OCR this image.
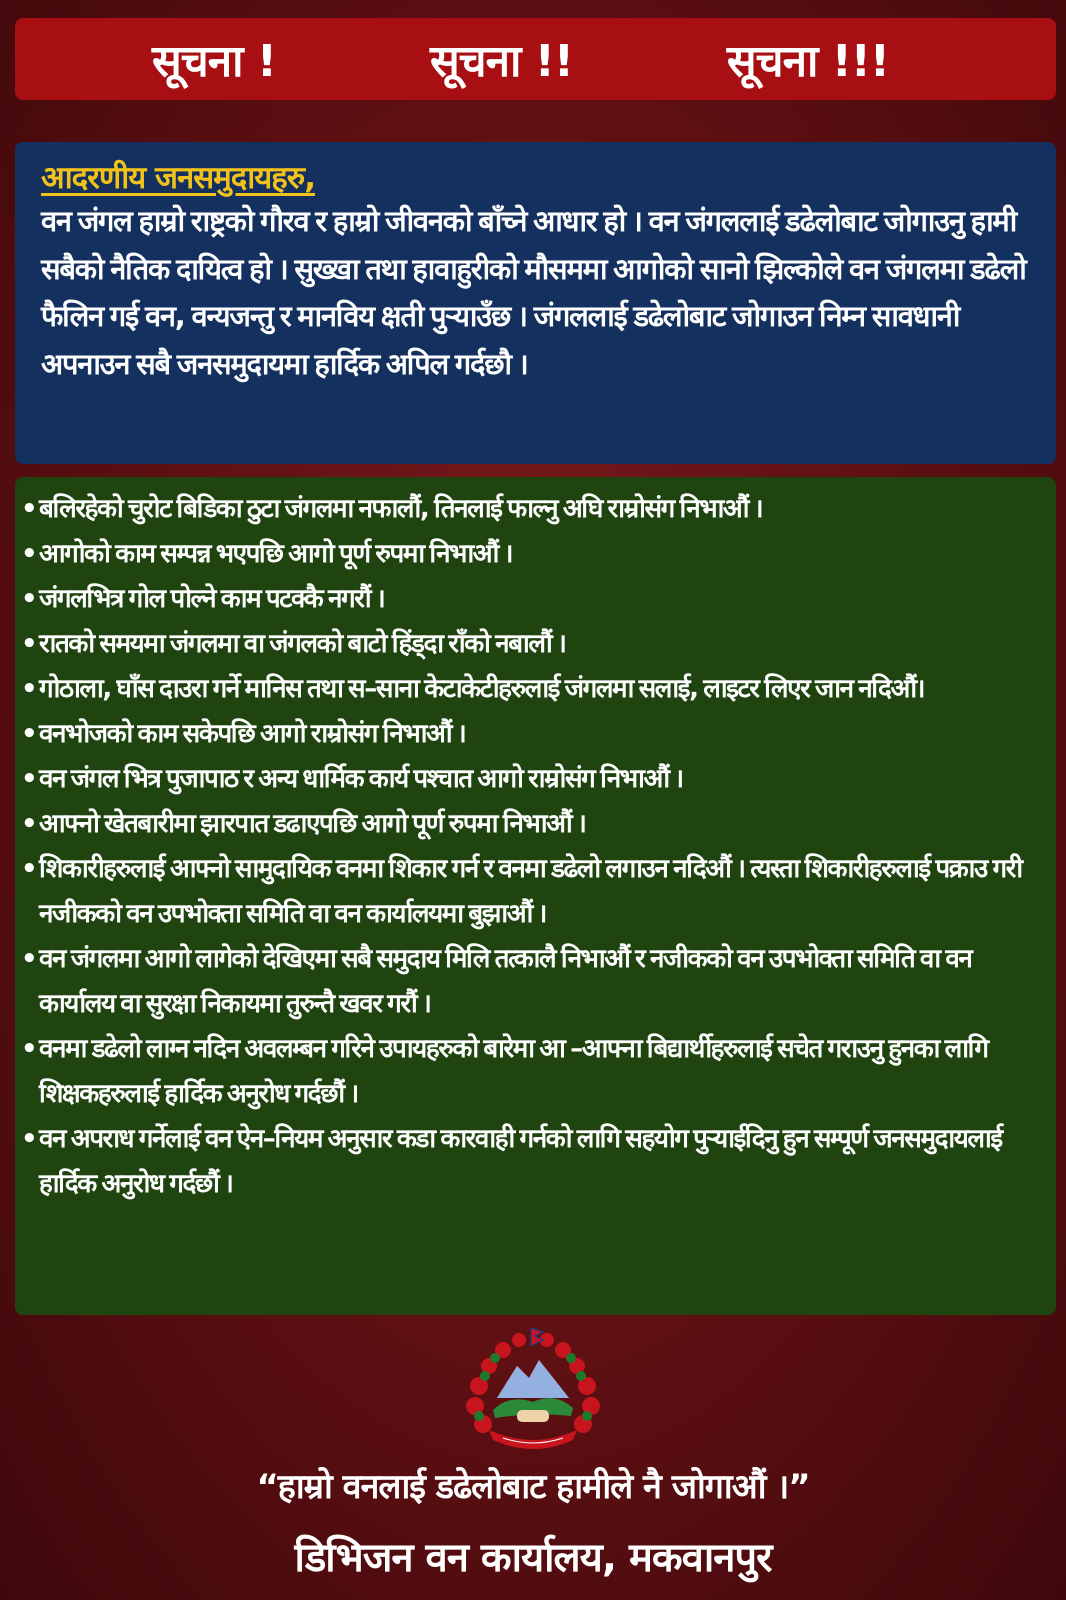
सूचना !	सूचना !!	सूचना !!!
आदरणीय जनसमुदायहरु,
वन जंगल हाम्रो राष्ट्रको गौरव र हाम्रो जीवनको बाँच्ने आधार हो । वन जंगललाई डढेलोबाट जोगाउनु हामी सबैको नैतिक दायित्व हो । सुख्खा तथा हावाहुरीको मौसममा आगोको सानो झिल्कोले वन जंगलमा डढेलो फैलिन गई वन, वन्यजन्तु र मानविय क्षती पुर्‍याउँछ । जंगललाई डढेलोबाट जोगाउन निम्न सावधानी अपनाउन सबै जनसमुदायमा हार्दिक अपिल गर्दछौ ।
• बलिरहेको चुरोट बिडिका ठुटा जंगलमा नफालौं, तिनलाई फाल्नु अघि राम्रोसंग निभाऔं ।
• आगोको काम सम्पन्न भएपछि आगो पूर्ण रुपमा निभाऔं ।
• जंगलभित्र गोल पोल्ने काम पटक्कै नगरौं ।
• रातको समयमा जंगलमा वा जंगलको बाटो हिंड्दा राँको नबालौं ।
• गोठाला, घाँस दाउरा गर्ने मानिस तथा स–साना केटाकेटीहरुलाई जंगलमा सलाई, लाइटर लिएर जान नदिऔं।
• वनभोजको काम सकेपछि आगो राम्रोसंग निभाऔं ।
• वन जंगल भित्र पुजापाठ र अन्य धार्मिक कार्य पश्चात आगो राम्रोसंग निभाऔं ।
• आफ्नो खेतबारीमा झारपात डढाएपछि आगो पूर्ण रुपमा निभाऔं ।
• शिकारीहरुलाई आफ्नो सामुदायिक वनमा शिकार गर्न र वनमा डढेलो लगाउन नदिऔं । त्यस्ता शिकारीहरुलाई पक्राउ गरी नजीकको वन उपभोक्ता समिति वा वन कार्यालयमा बुझाऔं ।
• वन जंगलमा आगो लागेको देखिएमा सबै समुदाय मिलि तत्कालै निभाऔं र नजीकको वन उपभोक्ता समिति वा वन कार्यालय वा सुरक्षा निकायमा तुरुन्तै खवर गरौं ।
• वनमा डढेलो लाग्न नदिन अवलम्बन गरिने उपायहरुको बारेमा आ –आफ्ना बिद्यार्थीहरुलाई सचेत गराउनु हुनका लागि शिक्षकहरुलाई हार्दिक अनुरोध गर्दछौं ।
• वन अपराध गर्नेलाई वन ऐन–नियम अनुसार कडा कारवाही गर्नको लागि सहयोग पुर्‍याईदिनु हुन सम्पूर्ण जनसमुदायलाई हार्दिक अनुरोध गर्दछौं ।
“हाम्रो वनलाई डढेलोबाट हामीले नै जोगाऔं ।”
डिभिजन वन कार्यालय, मकवानपुर
